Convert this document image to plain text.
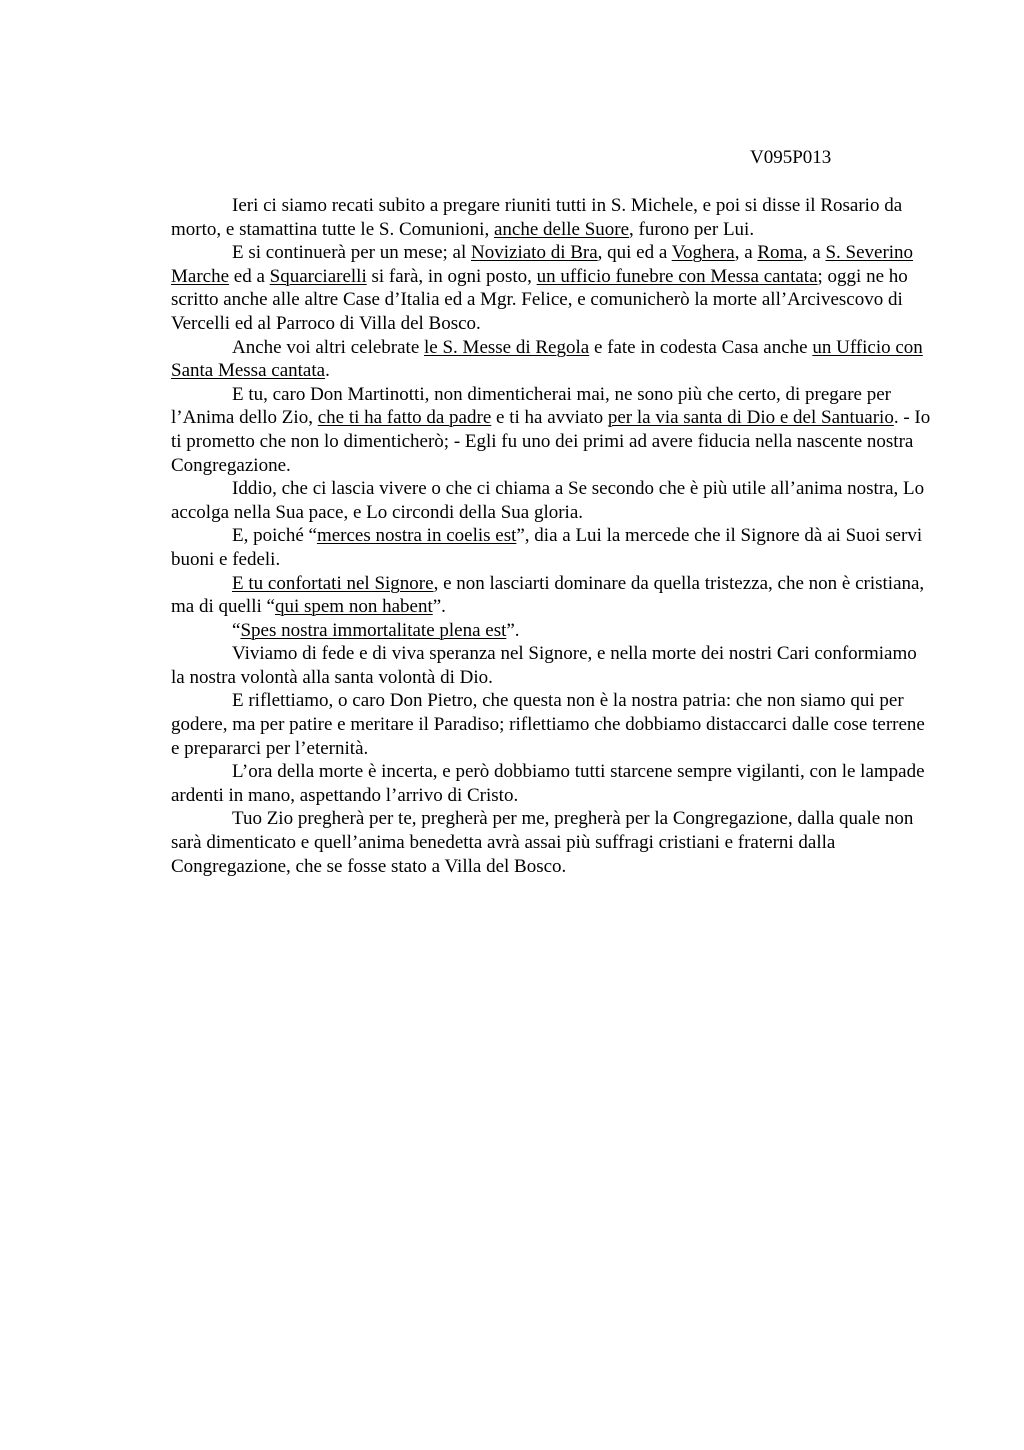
V095P013

Ieri ci siamo recati subito a pregare riuniti tutti in S. Michele, e poi si disse il Rosario da morto, e stamattina tutte le S. Comunioni, anche delle Suore, furono per Lui.

E si continuerà per un mese; al Noviziato di Bra, qui ed a Voghera, a Roma, a S. Severino Marche ed a Squarciarelli si farà, in ogni posto, un ufficio funebre con Messa cantata; oggi ne ho scritto anche alle altre Case d’Italia ed a Mgr. Felice, e comunicherò la morte all’Arcivescovo di Vercelli ed al Parroco di Villa del Bosco.

Anche voi altri celebrate le S. Messe di Regola e fate in codesta Casa anche un Ufficio con Santa Messa cantata.

E tu, caro Don Martinotti, non dimenticherai mai, ne sono più che certo, di pregare per l’Anima dello Zio, che ti ha fatto da padre e ti ha avviato per la via santa di Dio e del Santuario. - Io ti prometto che non lo dimenticherò; - Egli fu uno dei primi ad avere fiducia nella nascente nostra Congregazione.

Iddio, che ci lascia vivere o che ci chiama a Se secondo che è più utile all’anima nostra, Lo accolga nella Sua pace, e Lo circondi della Sua gloria.

E, poiché “merces nostra in coelis est”, dia a Lui la mercede che il Signore dà ai Suoi servi buoni e fedeli.

E tu confortati nel Signore, e non lasciarti dominare da quella tristezza, che non è cristiana, ma di quelli “qui spem non habent”.

“Spes nostra immortalitate plena est”.

Viviamo di fede e di viva speranza nel Signore, e nella morte dei nostri Cari conformiamo la nostra volontà alla santa volontà di Dio.

E riflettiamo, o caro Don Pietro, che questa non è la nostra patria: che non siamo qui per godere, ma per patire e meritare il Paradiso; riflettiamo che dobbiamo distaccarci dalle cose terrene e prepararci per l’eternità.

L’ora della morte è incerta, e però dobbiamo tutti starcene sempre vigilanti, con le lampade ardenti in mano, aspettando l’arrivo di Cristo.

Tuo Zio pregherà per te, pregherà per me, pregherà per la Congregazione, dalla quale non sarà dimenticato e quell’anima benedetta avrà assai più suffragi cristiani e fraterni dalla Congregazione, che se fosse stato a Villa del Bosco.
